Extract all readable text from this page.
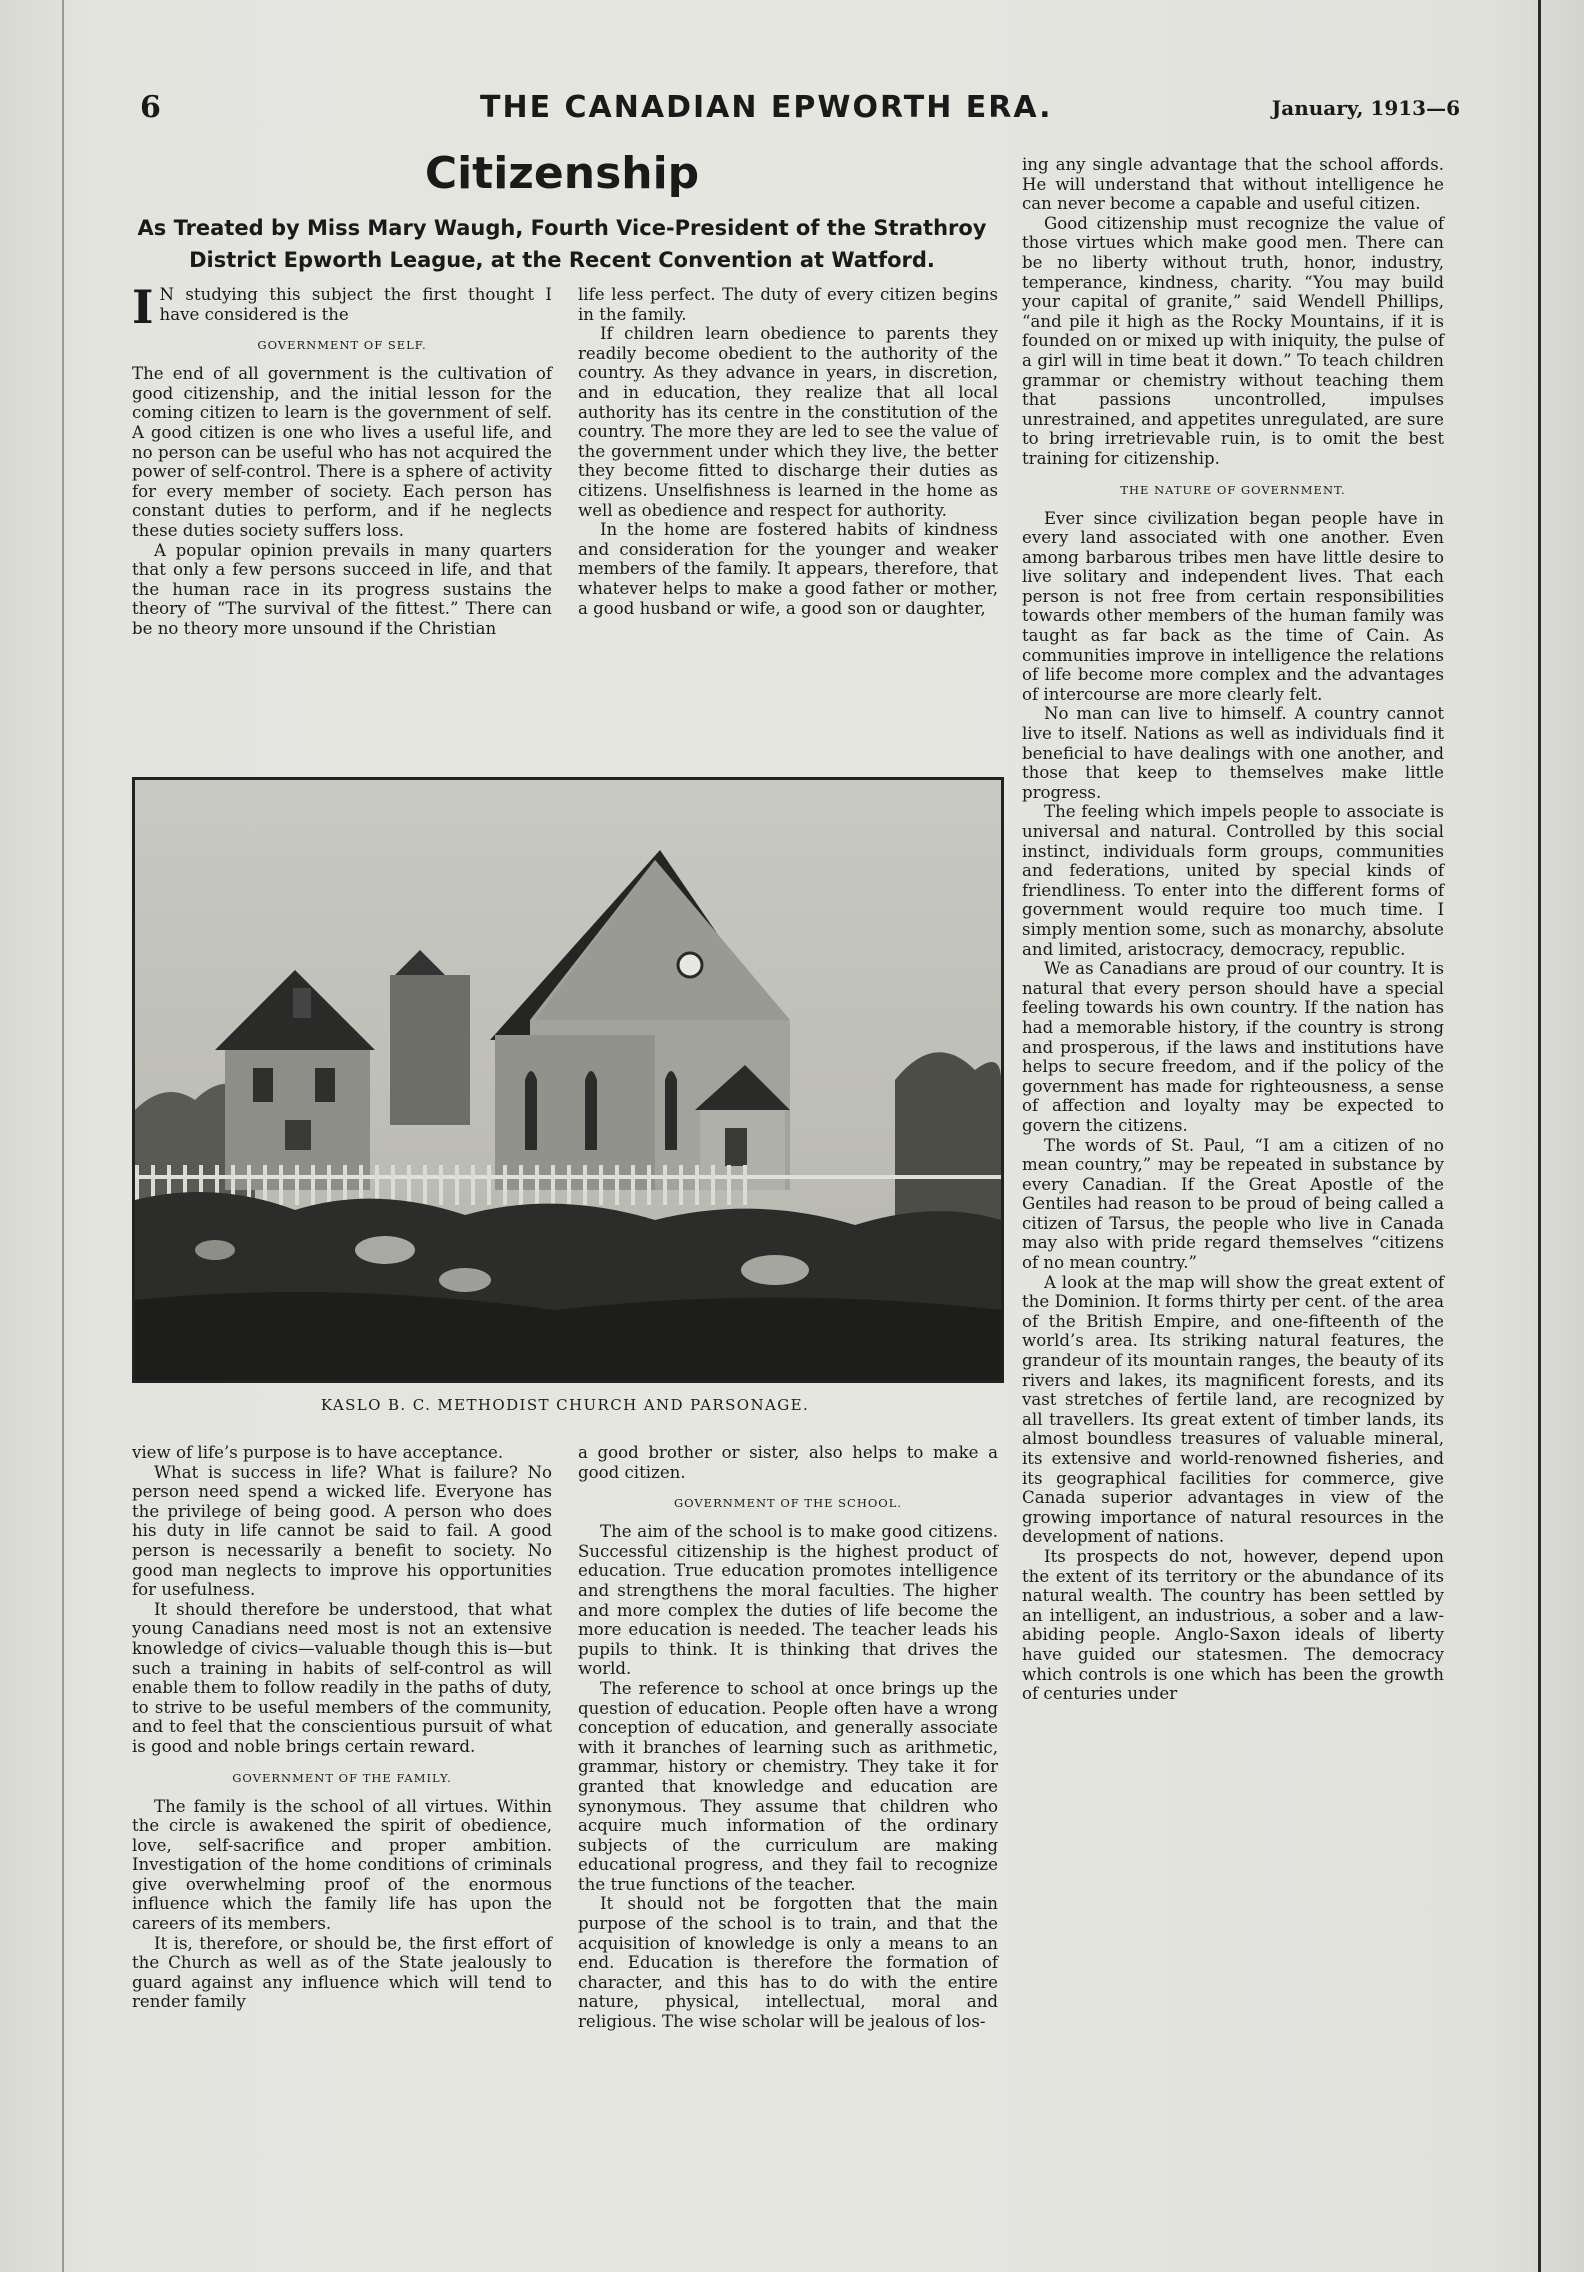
6	THE CANADIAN EPWORTH ERA.	January, 1913—6
Citizenship
As Treated by Miss Mary Waugh, Fourth Vice-President of the Strathroy District Epworth League, at the Recent Convention at Watford.

I N studying this subject the first thought I have considered is the

GOVERNMENT OF SELF.

The end of all government is the cultivation of good citizenship, and the initial lesson for the coming citizen to learn is the government of self. A good citizen is one who lives a useful life, and no person can be useful who has not acquired the power of self-control. There is a sphere of activity for every member of society. Each person has constant duties to perform, and if he neglects these duties society suffers loss.

A popular opinion prevails in many quarters that only a few persons succeed in life, and that the human race in its progress sustains the theory of “The survival of the fittest.” There can be no theory more unsound if the Christian

life less perfect. The duty of every citizen begins in the family.

If children learn obedience to parents they readily become obedient to the authority of the country. As they advance in years, in discretion, and in education, they realize that all local authority has its centre in the constitution of the country. The more they are led to see the value of the government under which they live, the better they become fitted to discharge their duties as citizens. Unselfishness is learned in the home as well as obedience and respect for authority.

In the home are fostered habits of kindness and consideration for the younger and weaker members of the family. It appears, therefore, that whatever helps to make a good father or mother, a good husband or wife, a good son or daughter,

ing any single advantage that the school affords. He will understand that without intelligence he can never become a capable and useful citizen.

Good citizenship must recognize the value of those virtues which make good men. There can be no liberty without truth, honor, industry, temperance, kindness, charity. “You may build your capital of granite,” said Wendell Phillips, “and pile it high as the Rocky Mountains, if it is founded on or mixed up with iniquity, the pulse of a girl will in time beat it down.” To teach children grammar or chemistry without teaching them that passions uncontrolled, impulses unrestrained, and appetites unregulated, are sure to bring irretrievable ruin, is to omit the best training for citizenship.

THE NATURE OF GOVERNMENT.

Ever since civilization began people have in every land associated with one another. Even among barbarous tribes men have little desire to live solitary and independent lives. That each person is not free from certain responsibilities towards other members of the human family was taught as far back as the time of Cain. As communities improve in intelligence the relations of life become more complex and the advantages of intercourse are more clearly felt.

No man can live to himself. A country cannot live to itself. Nations as well as individuals find it beneficial to have dealings with one another, and those that keep to themselves make little progress.

The feeling which impels people to associate is universal and natural. Controlled by this social instinct, individuals form groups, communities and federations, united by special kinds of friendliness. To enter into the different forms of government would require too much time. I simply mention some, such as monarchy, absolute and limited, aristocracy, democracy, republic.

We as Canadians are proud of our country. It is natural that every person should have a special feeling towards his own country. If the nation has had a memorable history, if the country is strong and prosperous, if the laws and institutions have helps to secure freedom, and if the policy of the government has made for righteousness, a sense of affection and loyalty may be expected to govern the citizens.

The words of St. Paul, “I am a citizen of no mean country,” may be repeated in substance by every Canadian. If the Great Apostle of the Gentiles had reason to be proud of being called a citizen of Tarsus, the people who live in Canada may also with pride regard themselves “citizens of no mean country.”

A look at the map will show the great extent of the Dominion. It forms thirty per cent. of the area of the British Empire, and one-fifteenth of the world’s area. Its striking natural features, the grandeur of its mountain ranges, the beauty of its rivers and lakes, its magnificent forests, and its vast stretches of fertile land, are recognized by all travellers. Its great extent of timber lands, its almost boundless treasures of valuable mineral, its extensive and world-renowned fisheries, and its geographical facilities for commerce, give Canada superior advantages in view of the growing importance of natural resources in the development of nations.

Its prospects do not, however, depend upon the extent of its territory or the abundance of its natural wealth. The country has been settled by an intelligent, an industrious, a sober and a law-abiding people. Anglo-Saxon ideals of liberty have guided our statesmen. The democracy which controls is one which has been the growth of centuries under

KASLO B. C. METHODIST CHURCH AND PARSONAGE.

view of life’s purpose is to have acceptance.

What is success in life? What is failure? No person need spend a wicked life. Everyone has the privilege of being good. A person who does his duty in life cannot be said to fail. A good person is necessarily a benefit to society. No good man neglects to improve his opportunities for usefulness.

It should therefore be understood, that what young Canadians need most is not an extensive knowledge of civics—valuable though this is—but such a training in habits of self-control as will enable them to follow readily in the paths of duty, to strive to be useful members of the community, and to feel that the conscientious pursuit of what is good and noble brings certain reward.

GOVERNMENT OF THE FAMILY.

The family is the school of all virtues. Within the circle is awakened the spirit of obedience, love, self-sacrifice and proper ambition. Investigation of the home conditions of criminals give overwhelming proof of the enormous influence which the family life has upon the careers of its members.

It is, therefore, or should be, the first effort of the Church as well as of the State jealously to guard against any influence which will tend to render family

a good brother or sister, also helps to make a good citizen.

GOVERNMENT OF THE SCHOOL.

The aim of the school is to make good citizens. Successful citizenship is the highest product of education. True education promotes intelligence and strengthens the moral faculties. The higher and more complex the duties of life become the more education is needed. The teacher leads his pupils to think. It is thinking that drives the world.

The reference to school at once brings up the question of education. People often have a wrong conception of education, and generally associate with it branches of learning such as arithmetic, grammar, history or chemistry. They take it for granted that knowledge and education are synonymous. They assume that children who acquire much information of the ordinary subjects of the curriculum are making educational progress, and they fail to recognize the true functions of the teacher.

It should not be forgotten that the main purpose of the school is to train, and that the acquisition of knowledge is only a means to an end. Education is therefore the formation of character, and this has to do with the entire nature, physical, intellectual, moral and religious. The wise scholar will be jealous of los-
